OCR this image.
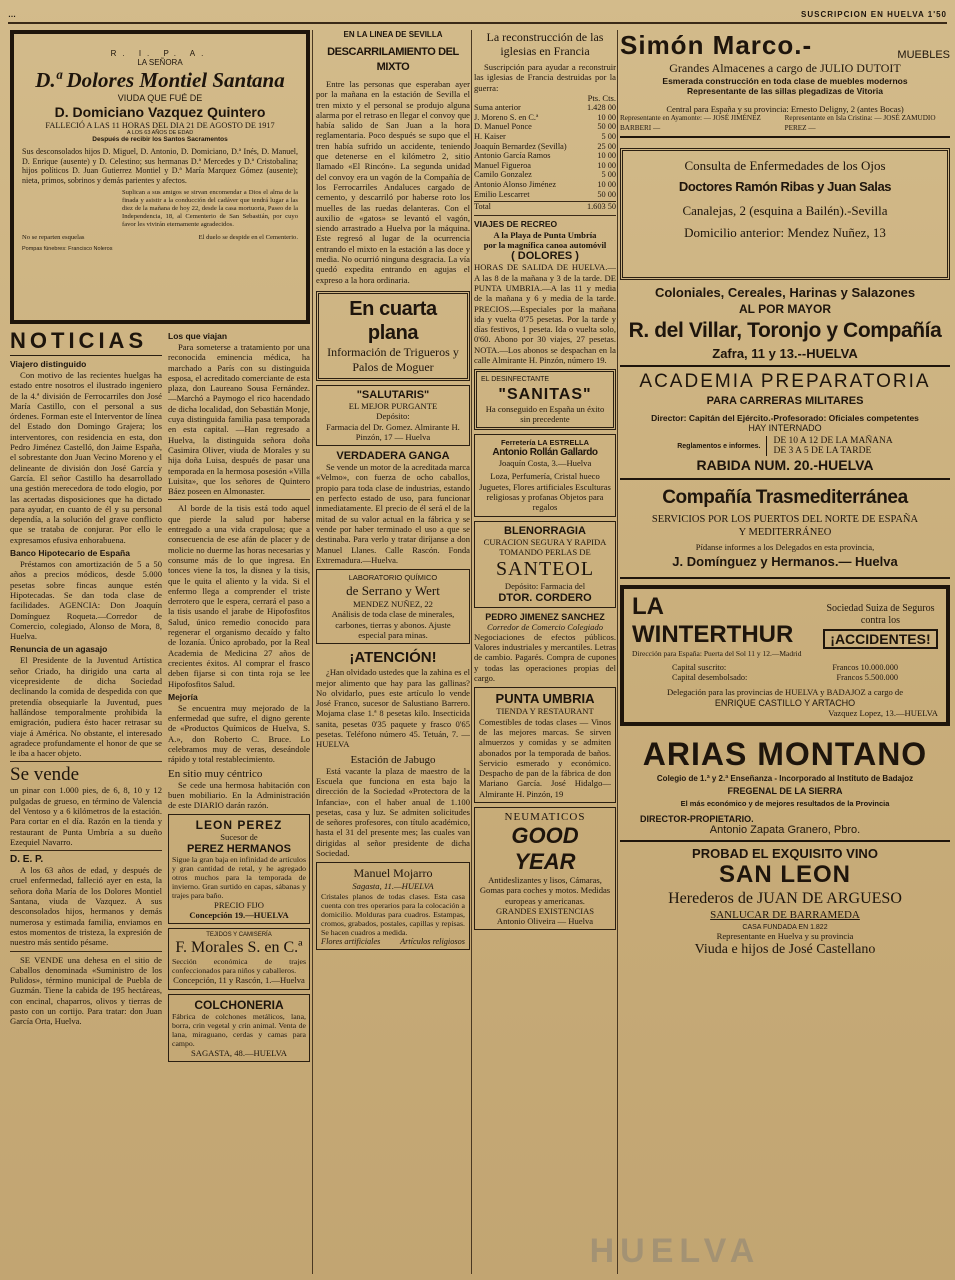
…	SUSCRIPCION EN HUELVA 1'50
R. I. P. A.
LA SEÑORA
D.ª Dolores Montiel Santana
VIUDA QUE FUÉ DE
D. Domiciano Vazquez Quintero
FALLECIÓ A LAS 11 HORAS DEL DIA 21 DE AGOSTO DE 1917
A LOS 63 AÑOS DE EDAD
Después de recibir los Santos Sacramentos

Sus desconsolados hijos D. Miguel, D. Antonio, D. Domiciano, D.ª Inés, D. Manuel, D. Enrique (ausente) y D. Celestino; sus hermanas D.ª Mercedes y D.ª Cristobalina; hijos políticos D. Juan Gutierrez Montiel y D.ª María Marquez Gómez (ausente); nieta, primos, sobrinos y demás parientes y afectos.

Suplican a sus amigos se sirvan encomendar a Dios el alma de la finada y asistir a la conducción del cadáver que tendrá lugar a las diez de la mañana de hoy 22, desde la casa mortuoria, Paseo de la Independencia, 18, al Cementerio de San Sebastián, por cuyo favor les vivirán eternamente agradecidos.

No se reparten esquelas	El duelo se despide en el Cementerio.
Pompas fúnebres: Francisco Noleros
NOTICIAS
Viajero distinguido

Con motivo de las recientes huelgas ha estado entre nosotros el ilustrado ingeniero de la 4.ª división de Ferrocarriles don José María Castillo, con el personal a sus órdenes. Forman este el Interventor de línea del Estado don Domingo Grajera; los interventores, con residencia en esta, don Pedro Jiménez Castelló, don Jaime España, el sobrestante don Juan Vecino Moreno y el delineante de división don José García y García. El señor Castillo ha desarrollado una gestión merecedora de todo elogio, por las acertadas disposiciones que ha dictado para ayudar, en cuanto de él y su personal dependía, a la solución del grave conflicto que se trataba de conjurar. Por ello le expresamos efusiva enhorabuena.

Banco Hipotecario de España

Préstamos con amortización de 5 a 50 años a precios módicos, desde 5.000 pesetas sobre fincas aunque estén Hipotecadas. Se dan toda clase de facilidades. AGENCIA: Don Joaquín Domínguez Roqueta.—Corredor de Comercio, colegiado, Alonso de Mora, 8, Huelva.

Renuncia de un agasajo

El Presidente de la Juventud Artística señor Criado, ha dirigido una carta al vicepresidente de dicha Sociedad declinando la comida de despedida con que pretendía obsequiarle la Juventud, pues hallándose temporalmente prohibida la emigración, pudiera ésto hacer retrasar su viaje á América. No obstante, el interesado agradece profundamente el honor de que se le iba a hacer objeto.

Se vende

un pinar con 1.000 pies, de 6, 8, 10 y 12 pulgadas de grueso, en término de Valencia del Ventoso y a 6 kilómetros de la estación. Para cortar en el día. Razón en la tienda y restaurant de Punta Umbría a su dueño Ezequiel Navarro.

D. E. P.

A los 63 años de edad, y después de cruel enfermedad, falleció ayer en esta, la señora doña María de los Dolores Montiel Santana, viuda de Vazquez. A sus desconsolados hijos, hermanos y demás numerosa y estimada familia, enviamos en estos momentos de tristeza, la expresión de nuestro más sentido pésame.

SE VENDE una dehesa en el sitio de Caballos denominada «Suministro de los Pulidos», término municipal de Puebla de Guzmán. Tiene la cabida de 195 hectáreas, con encinal, chaparros, olivos y tierras de pasto con un cortijo. Para tratar: don Juan García Orta, Huelva.

Los que viajan

Para someterse a tratamiento por una reconocida eminencia médica, ha marchado a París con su distinguida esposa, el acreditado comerciante de esta plaza, don Laureano Sousa Fernández. —Marchó a Paymogo el rico hacendado de dicha localidad, don Sebastián Monje, cuya distinguida familia pasa temporada en esta capital. —Han regresado a Huelva, la distinguida señora doña Casimira Oliver, viuda de Morales y su hija doña Luisa, después de pasar una temporada en la hermosa posesión «Villa Luisita», que los señores de Quintero Báez poseen en Almonaster.

Al borde de la tisis está todo aquel que pierde la salud por haberse entregado a una vida crapulosa; que a consecuencia de ese afán de placer y de molicie no duerme las horas necesarias y consume más de lo que ingresa. En tonces viene la tos, la disnea y la tisis, que le quita el aliento y la vida. Si el enfermo llega a comprender el triste derrotero que le espera, cerrará el paso a la tisis usando el jarabe de Hipofosfitos Salud, único remedio conocido para regenerar el organismo decaído y falto de lozanía. Único aprobado, por la Real Academia de Medicina 27 años de crecientes éxitos. Al comprar el frasco deben fijarse si con tinta roja se lee Hipofosfitos Salud.

Mejoría

Se encuentra muy mejorado de la enfermedad que sufre, el digno gerente de «Productos Químicos de Huelva, S. A.», don Roberto C. Bruce. Lo celebramos muy de veras, deseándole rápido y total restablecimiento.

En sitio muy céntrico

Se cede una hermosa habitación con buen mobiliario. En la Administración de este DIARIO darán razón.

LEON PEREZ
Sucesor de
PEREZ HERMANOS

Sigue la gran baja en infinidad de artículos y gran cantidad de retal, y he agregado otros muchos para la temporada de invierno. Gran surtido en capas, sábanas y trajes para baño.

PRECIO FIJO
Concepción 19.—HUELVA
TEJIDOS Y CAMISERÍA
F. Morales S. en C.ª

Sección económica de trajes confeccionados para niños y caballeros.

Concepción, 11 y Rascón, 1.—Huelva
COLCHONERIA

Fábrica de colchones metálicos, lana, borra, crin vegetal y crin animal. Venta de lana, miraguano, cerdas y camas para campo.

SAGASTA, 48.—HUELVA
EN LA LINEA DE SEVILLA
DESCARRILAMIENTO DEL MIXTO

Entre las personas que esperaban ayer por la mañana en la estación de Sevilla el tren mixto y el personal se produjo alguna alarma por el retraso en llegar el convoy que había salido de San Juan a la hora reglamentaria. Poco después se supo que el tren había sufrido un accidente, teniendo que detenerse en el kilómetro 2, sitio llamado «El Rincón». La segunda unidad del convoy era un vagón de la Compañía de los Ferrocarriles Andaluces cargado de cemento, y descarriló por haberse roto los muelles de las ruedas delanteras. Con el auxilio de «gatos» se levantó el vagón, siendo arrastrado a Huelva por la máquina. Este regresó al lugar de la ocurrencia entrando el mixto en la estación a las doce y media. No ocurrió ninguna desgracia. La vía quedó expedita entrando en agujas el expreso a la hora ordinaria.

En cuarta plana
Información de Trigueros y Palos de Moguer
"SALUTARIS"
EL MEJOR PURGANTE
Depósito:
Farmacia del Dr. Gomez. Almirante H. Pinzón, 17 — Huelva
VERDADERA GANGA

Se vende un motor de la acreditada marca «Velmo», con fuerza de ocho caballos, propio para toda clase de industrias, estando en perfecto estado de uso, para funcionar inmediatamente. El precio de él será el de la mitad de su valor actual en la fábrica y se vende por haber terminado el uso a que se destinaba. Para verlo y tratar diríjanse a don Manuel Llanes. Calle Rascón. Fonda Extremadura.—Huelva.

LABORATORIO QUÍMICO
de Serrano y Wert
MENDEZ NUÑEZ, 22
Análisis de toda clase de minerales, carbones, tierras y abonos. Ajuste especial para minas.
¡ATENCIÓN!

¿Han olvidado ustedes que la zahina es el mejor alimento que hay para las gallinas? No olvidarlo, pues este artículo lo vende José Franco, sucesor de Salustiano Barrero. Mojama clase 1.ª 8 pesetas kilo. Insecticida sanita, pesetas 0'35 paquete y frasco 0'65 pesetas. Teléfono número 45. Tetuán, 7. — HUELVA

Estación de Jabugo

Está vacante la plaza de maestro de la Escuela que funciona en esta bajo la dirección de la Sociedad «Protectora de la Infancia», con el haber anual de 1.100 pesetas, casa y luz. Se admiten solicitudes de señores profesores, con título académico, hasta el 31 del presente mes; las cuales van dirigidas al señor presidente de dicha Sociedad.

Manuel Mojarro
Sagasta, 11.—HUELVA

Cristales planos de todas clases. Esta casa cuenta con tres operarios para la colocación a domicilio. Molduras para cuadros. Estampas, cromos, grabados, postales, capillas y repisas. Se hacen cuadros a medida.

Flores artificiales Artículos religiosos
La reconstrucción de las iglesias en Francia

Suscripción para ayudar a reconstruir las iglesias de Francia destruidas por la guerra:

Pts. Cts.
Suma anterior	1.428 00
J. Moreno S. en C.ª	10 00
D. Manuel Ponce	50 00
H. Kaiser	5 00
Joaquín Bernardez (Sevilla)	25 00
Antonio García Ramos	10 00
Manuel Figueroa	10 00
Camilo Gonzalez	5 00
Antonio Alonso Jiménez	10 00
Emilio Lescarret	50 00
Total	1.603 50
VIAJES DE RECREO
A la Playa de Punta Umbría
por la magnífica canoa automóvil
( DOLORES )

HORAS DE SALIDA DE HUELVA.—A las 8 de la mañana y 3 de la tarde. DE PUNTA UMBRIA.—A las 11 y media de la mañana y 6 y media de la tarde. PRECIOS.—Especiales por la mañana ida y vuelta 0'75 pesetas. Por la tarde y días festivos, 1 peseta. Ida o vuelta solo, 0'60. Abono por 30 viajes, 27 pesetas. NOTA.—Los abonos se despachan en la calle Almirante H. Pinzón, número 19.

EL DESINFECTANTE
"SANITAS"
Ha conseguido en España un éxito sin precedente
Ferretería LA ESTRELLA
Antonio Rollán Gallardo
Joaquín Costa, 3.—Huelva
Loza, Perfumería, Cristal hueco Juguetes, Flores artificiales Esculturas religiosas y profanas Objetos para regalos
BLENORRAGIA
CURACION SEGURA Y RAPIDA TOMANDO PERLAS DE
SANTEOL
Depósito: Farmacia del
DTOR. CORDERO
PEDRO JIMENEZ SANCHEZ
Corredor de Comercio Colegiado

Negociaciones de efectos públicos. Valores industriales y mercantiles. Letras de cambio. Pagarés. Compra de cupones y todas las operaciones propias del cargo.

PUNTA UMBRIA
TIENDA Y RESTAURANT

Comestibles de todas clases — Vinos de las mejores marcas. Se sirven almuerzos y comidas y se admiten abonados por la temporada de baños. Servicio esmerado y económico. Despacho de pan de la fábrica de don Mariano García. José Hidalgo—Almirante H. Pinzón, 19

NEUMATICOS
GOOD YEAR
Antideslizantes y lisos, Cámaras, Gomas para coches y motos. Medidas europeas y americanas.
GRANDES EXISTENCIAS
Antonio Oliveira — Huelva
Simón Marco.-	MUEBLES
Grandes Almacenes a cargo de JULIO DUTOIT
Esmerada construcción en toda clase de muebles modernos
Representante de las sillas plegadizas de Vitoria
Central para España y su provincia: Ernesto Deligny, 2 (antes Bocas)
Representante en Ayamonte: — JOSÉ JIMÉNEZ BARBERI —
Representante en Isla Cristina: — JOSÉ ZAMUDIO PEREZ —
Consulta de Enfermedades de los Ojos
Doctores Ramón Ribas y Juan Salas
Canalejas, 2 (esquina a Bailén).-Sevilla
Domicilio anterior: Mendez Nuñez, 13
Coloniales, Cereales, Harinas y Salazones
AL POR MAYOR
R. del Villar, Toronjo y Compañía
Zafra, 11 y 13.--HUELVA
ACADEMIA PREPARATORIA
PARA CARRERAS MILITARES
Director: Capitán del Ejército.-Profesorado: Oficiales competentes
HAY INTERNADO
Reglamentos e informes. DE 10 A 12 DE LA MAÑANA
DE 3 A 5 DE LA TARDE
RABIDA NUM. 20.-HUELVA
Compañía Trasmediterránea
SERVICIOS POR LOS PUERTOS DEL NORTE DE ESPAÑA Y MEDITERRÁNEO
Pídanse informes a los Delegados en esta provincia,
J. Domínguez y Hermanos.— Huelva
LA WINTERTHUR
Dirección para España: Puerta del Sol 11 y 12.—Madrid
Sociedad Suiza de Seguros contra los
¡ACCIDENTES!
Capital suscrito:	Francos 10.000.000
Capital desembolsado:	Francos 5.500.000
Delegación para las provincias de HUELVA y BADAJOZ a cargo de
ENRIQUE CASTILLO Y ARTACHO
Vazquez Lopez, 13.—HUELVA
ARIAS MONTANO
Colegio de 1.ª y 2.ª Enseñanza - Incorporado al Instituto de Badajoz
FREGENAL DE LA SIERRA
El más económico y de mejores resultados de la Provincia
DIRECTOR-PROPIETARIO.
Antonio Zapata Granero, Pbro.
PROBAD EL EXQUISITO VINO
SAN LEON
Herederos de JUAN DE ARGUESO
SANLUCAR DE BARRAMEDA
CASA FUNDADA EN 1.822
Representante en Huelva y su provincia
Viuda e hijos de José Castellano
HUELVA
